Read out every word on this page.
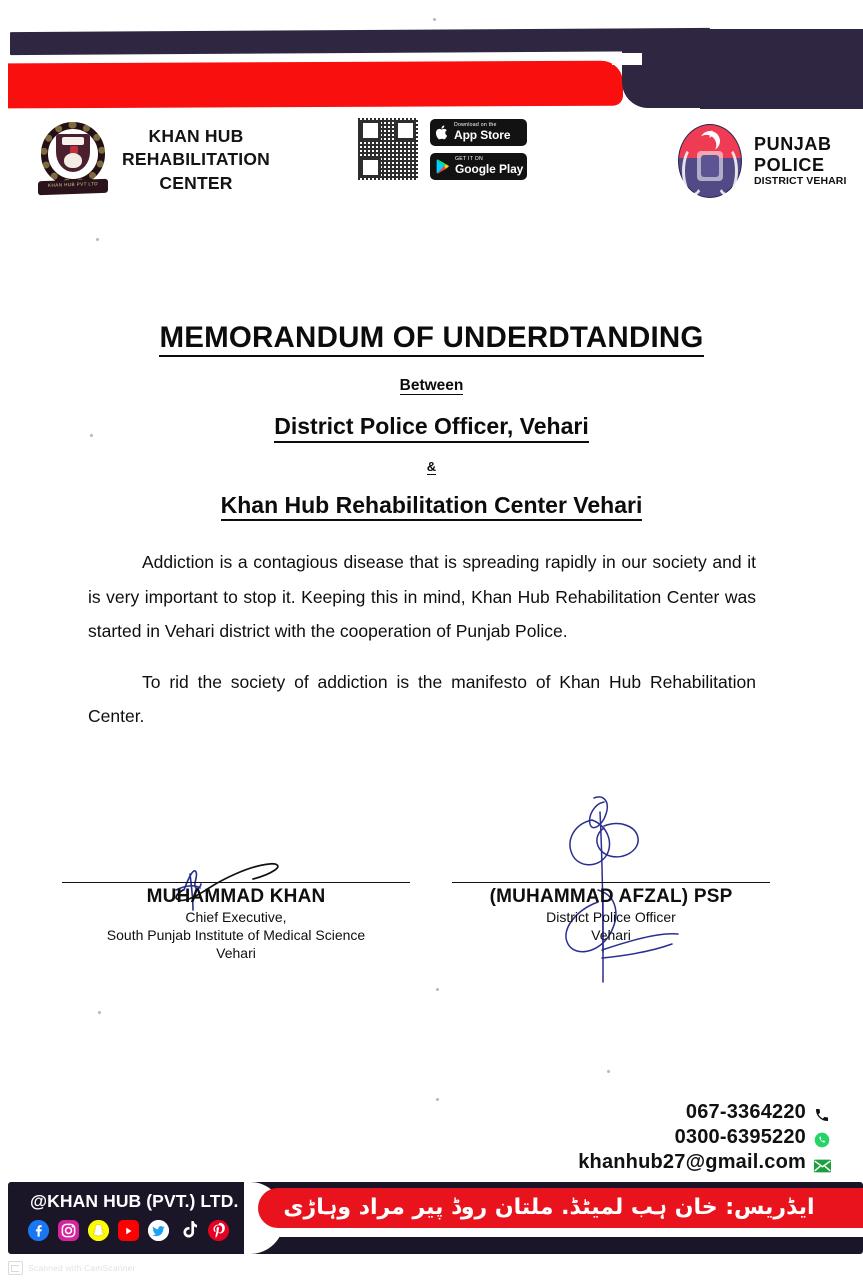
KHAN HUB PVT LTD
KHAN HUB
REHABILITATION
CENTER
Download on the
App Store
GET IT ON
Google Play
★ PUNJAB
POLICE
DISTRICT VEHARI
MEMORANDUM OF UNDERDTANDING
Between
District Police Officer, Vehari
&
Khan Hub Rehabilitation Center Vehari

Addiction is a contagious disease that is spreading rapidly in our society and it is very important to stop it. Keeping this in mind, Khan Hub Rehabilitation Center was started in Vehari district with the cooperation of Punjab Police.

To rid the society of addiction is the manifesto of Khan Hub Rehabilitation Center.

MUHAMMAD KHAN
Chief Executive,
South Punjab Institute of Medical Science
Vehari
(MUHAMMAD AFZAL) PSP
District Police Officer
Vehari
067-3364220
0300-6395220
khanhub27@gmail.com
@KHAN HUB (PVT.) LTD.	ایڈریس: خان ہب لمیٹڈ. ملتان روڈ پیر مراد وہاڑی
Scanned with CamScanner
